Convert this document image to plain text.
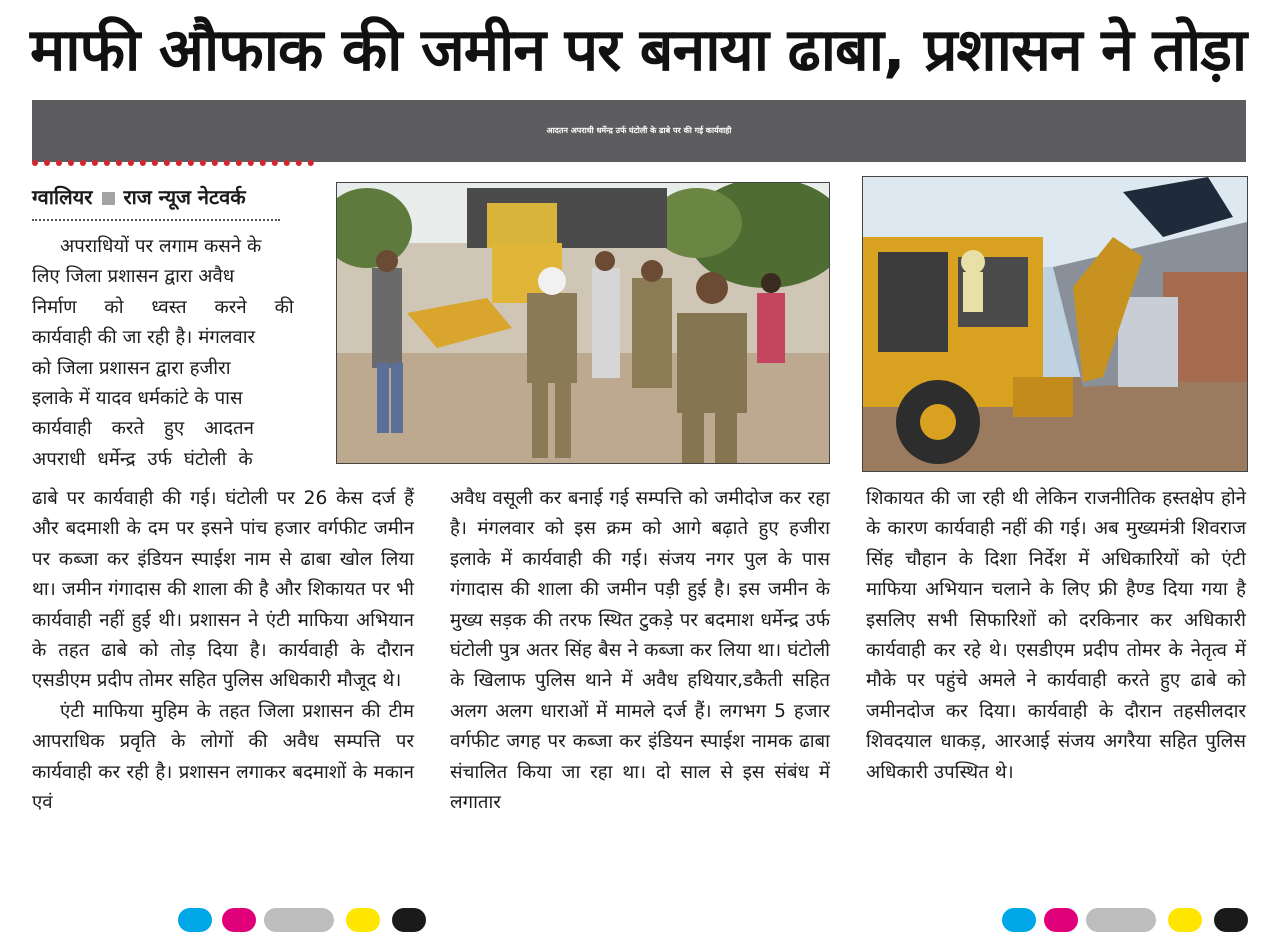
माफी औफाक की जमीन पर बनाया ढाबा, प्रशासन ने तोड़ा
आदतन अपराधी धर्मेन्द्र उर्फ घंटोली के ढाबे पर की गई कार्यवाही
ग्वालियर राज न्यूज नेटवर्क
अपराधियों पर लगाम कसने के
लिए जिला प्रशासन द्वारा अवैध
निर्माण को ध्वस्त करने की
कार्यवाही की जा रही है। मंगलवार
को जिला प्रशासन द्वारा हजीरा
इलाके में यादव धर्मकांटे के पास
कार्यवाही करते हुए आदतन
अपराधी धर्मेन्द्र उर्फ घंटोली के

ढाबे पर कार्यवाही की गई। घंटोली पर 26 केस दर्ज हैं और बदमाशी के दम पर इसने पांच हजार वर्गफीट जमीन पर कब्जा कर इंडियन स्पाईश नाम से ढाबा खोल लिया था। जमीन गंगादास की शाला की है और शिकायत पर भी कार्यवाही नहीं हुई थी। प्रशासन ने एंटी माफिया अभियान के तहत ढाबे को तोड़ दिया है। कार्यवाही के दौरान एसडीएम प्रदीप तोमर सहित पुलिस अधिकारी मौजूद थे।

एंटी माफिया मुहिम के तहत जिला प्रशासन की टीम आपराधिक प्रवृति के लोगों की अवैध सम्पत्ति पर कार्यवाही कर रही है। प्रशासन लगाकर बदमाशों के मकान एवं

अवैध वसूली कर बनाई गई सम्पत्ति को जमीदोज कर रहा है। मंगलवार को इस क्रम को आगे बढ़ाते हुए हजीरा इलाके में कार्यवाही की गई। संजय नगर पुल के पास गंगादास की शाला की जमीन पड़ी हुई है। इस जमीन के मुख्य सड़क की तरफ स्थित टुकड़े पर बदमाश धर्मेन्द्र उर्फ घंटोली पुत्र अतर सिंह बैस ने कब्जा कर लिया था। घंटोली के खिलाफ पुलिस थाने में अवैध हथियार,डकैती सहित अलग अलग धाराओं में मामले दर्ज हैं। लगभग 5 हजार वर्गफीट जगह पर कब्जा कर इंडियन स्पाईश नामक ढाबा संचालित किया जा रहा था। दो साल से इस संबंध में लगातार

शिकायत की जा रही थी लेकिन राजनीतिक हस्तक्षेप होने के कारण कार्यवाही नहीं की गई। अब मुख्यमंत्री शिवराज सिंह चौहान के दिशा निर्देश में अधिकारियों को एंटी माफिया अभियान चलाने के लिए फ्री हैण्ड दिया गया है इसलिए सभी सिफारिशों को दरकिनार कर अधिकारी कार्यवाही कर रहे थे। एसडीएम प्रदीप तोमर के नेतृत्व में मौके पर पहुंचे अमले ने कार्यवाही करते हुए ढाबे को जमीनदोज कर दिया। कार्यवाही के दौरान तहसीलदार शिवदयाल धाकड़, आरआई संजय अगरैया सहित पुलिस अधिकारी उपस्थित थे।
